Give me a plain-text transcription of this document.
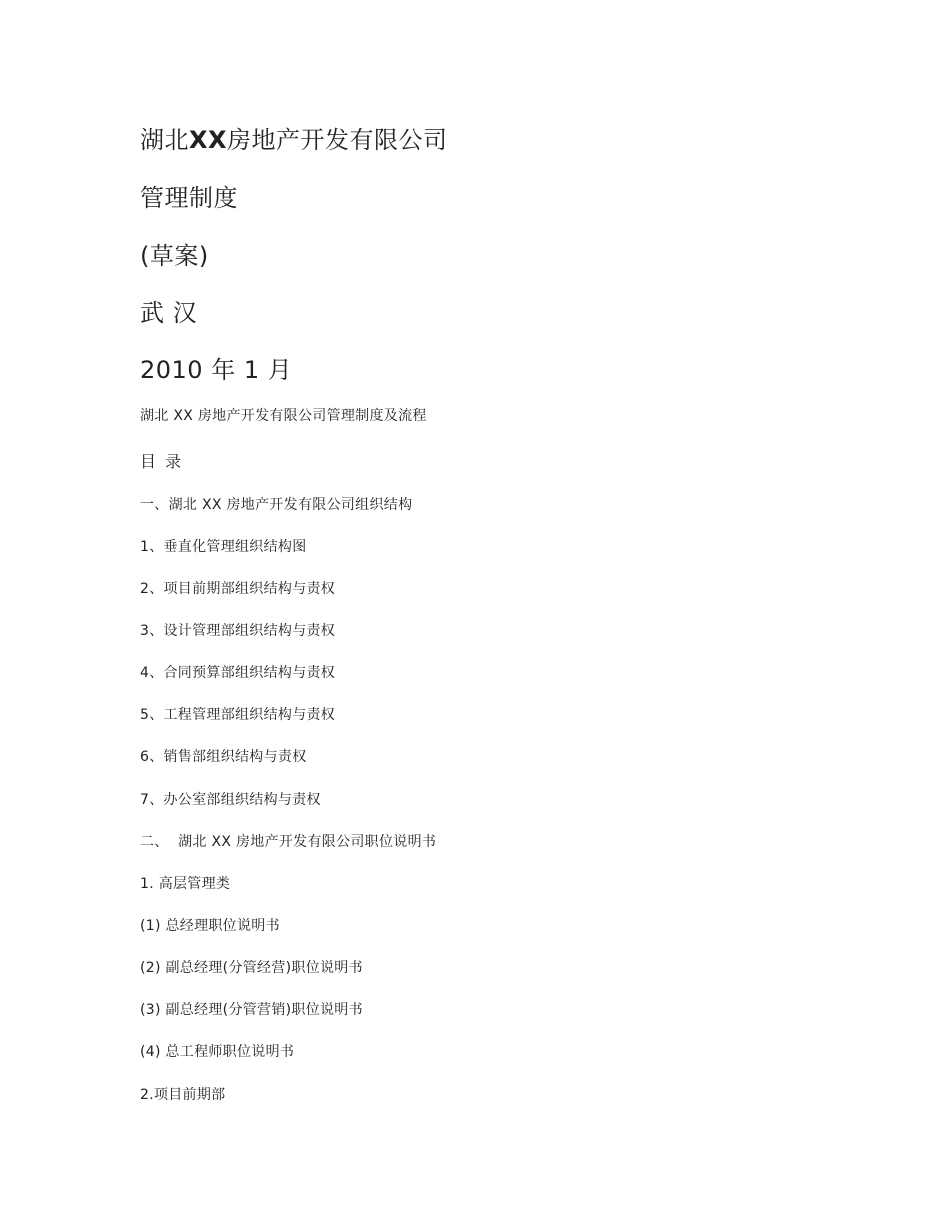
湖北XX房地产开发有限公司
管理制度
(草案)
武 汉
2010 年 1 月
湖北 XX 房地产开发有限公司管理制度及流程
目 录
一、湖北 XX 房地产开发有限公司组织结构
1、垂直化管理组织结构图
2、项目前期部组织结构与责权
3、设计管理部组织结构与责权
4、合同预算部组织结构与责权
5、工程管理部组织结构与责权
6、销售部组织结构与责权
7、办公室部组织结构与责权
二、  湖北 XX 房地产开发有限公司职位说明书
1. 高层管理类
(1) 总经理职位说明书
(2) 副总经理(分管经营)职位说明书
(3) 副总经理(分管营销)职位说明书
(4) 总工程师职位说明书
2.项目前期部
